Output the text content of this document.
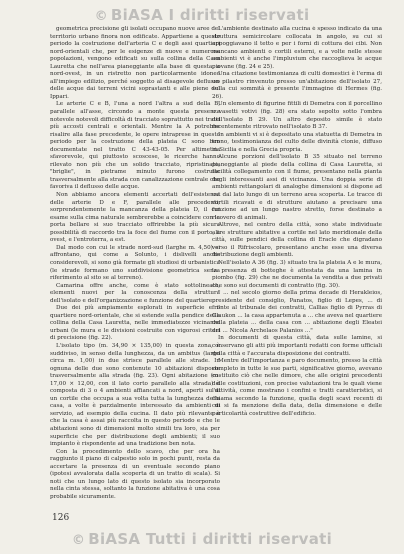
© BiASA I diritti riservati

geometrica precisione gli isolati occupano nuove aree del territorio urbano finora non edificate. Appartiene a questo periodo la costruzione dell'arteria C e degli assi quartieri nord-orientali che, per le esigenze di nuove e numerose popolazioni, vengono edificati su sulla collina della Casa Lauretta che nell'area pianeggiante alla base di questa, a nord-ovest, in un ristretto non particolarmente idoneo all'impiego edilizio, perché soggetto al disagevole deflusso delle acque dai terreni vicini soprastanti e alle piene del Ippari.

Le arterie C e B, l'una a nord l'altra a sud della B, parallele all'asse, circondo a monte questa presenza notevole notevoli difficoltà di tracciato soprattutto nei tratti più accosti centrali e orientali. Mentre la A potrebbe risalire alla fase precedente, le opere intraprese in questo periodo per la costruzione della plateia C sono ben documentate nel tratto C 43-43-05. Per altimetria sfavorevole, qui piuttosto scoscese, le ricerche hanno rilevato non più che un solido tracciato, ripristinato, "briglie", in pietrame minuto furono costruite trasversalmente alla strada con canalizzazione centrale che favoriva il deflusso delle acque.

Non abbiamo ancora elementi accertati dell'esistenza delle arterie D e F, parallele alle precedenti; sorprendentemente la mancanza della plateia D, il cui esame sulla cima naturale sembrerebbe a coincidere con la porta bellare si suo tracciato offrirebbe la più sicura possibilità di raccordo tra la foce del fiume con il porto, a ovest, e l'entroterra, a est.

Dal modo con cui le strade nord-sud (larghe m. 4,50) si affrontano, qui come a Solunto, i dislivelli anche considerevoli, si sono già formate gli studiosi di urbanistica (le strade formano uno suddivisione geometrica senza riferimento al sito se al terreno).

Camarina offre anche, come è stato sottolineato, elementi nuovi per la conoscenza della struttura dell'isolato e dell'organizzazione e funzione del quartiere.

Due dei più ampiamente esplorati in superficie e il quartiere nord-orientale, che si estende sulla pendice della collina della Casa Lauretta, nelle immediatezze vicinanze urbani (le mura e le divisioni costruite con vigorosi criteri di precisione (fig. 22).

L'isolato tipo (m. 34,90 × 135,00) in questa zona, è suddiviso, in senso della lunghezza, da un ambitus (largo circa m. 1,00) in due strisce parallele alle strade. In ognuna delle due sono contenute 10 abitazioni disposte trasversalmente alla strada (fig. 23). Ogni abitazione (m. 17,00 × 12,00, con il lato corto parallelo alla strada) è composta di 3 o 4 ambienti affiancati a nord, aperti su di un cortile che occupa a sua volta tutta la lunghezza della casa, a volte è parzialmente interessato da ambienti di servizio, ad esempio della cucina. Il dato più rilevante è che la casa è assai più raccolta in questo periodo e che le abitazioni sono di dimensioni molto simili tra loro, sia per superficie che per distribuzione degli ambienti; il suo impianto è rispondente ad una tradizione ben nota.

Con la procedimento dello scavo, che per ora ha raggiunto il piano di calpestio solo in pochi punti, resta da accertare la presenza di un eventuale secondo piano (ipotesi avvalorata dalla scoperta di un tratto di scala). Si noti che un lungo lato di questo isolato sia incorporato nella cinta stessa, soltanto la funzione abitativa è una cosa probabile sicuramente.

L'ambiente destinato alla cucina è spesso indicato da una struttura semicircolare collocata in angolo, su cui si appoggiavano il tetto e per i forni di cottura dei cibi. Non mancano ambienti o cortili esterni, e a volte nelle stesse ambienti vi è anche l'impluvium che raccoglieva le acque piovane (fig. 24 e 25).

Una citazione testimonianza di culti domestici è l'erma di un pilastro rinvenuto presso un'abitazione dell'isolato 27, sulla cui sommità è presente l'immagine di Hermes (fig. 26).

Un elemento di figurine fittili di Demetra con il porcellino e vasetti votivi (fig. 28) era stato sepolto sotto l'ombra dell'isolato B 29. Un altro deposito simile è stato recentemente ritrovato nell'isolato B 37.

In ambienti vi si è depositato una statuetta di Demetra in trono, testimonianza del culto delle divinità ctonie, diffuso in Sicilia e nella Grecia propria.

Alcune porzioni dell'isolato B 35 situato nel terreno pianeggiante al piede della collina di Casa Lauretta, si facilità collegamento con il fiume, presentano nella pianta degli interessanti assi di vicinanza. Una doppia serie di ambienti rettangolari di analoghe dimensioni si dispone ad est dal lato lungo di un terreno area scoperta. Le tracce di cortili ricavati e di strutture aiutano a precisare una funzione ad un lungo nastro stretto, forse destinato a ricovero di animali.

Altrove, nel centro della città, sono state individuate altre strutture abitative a cortile nel lato meridionale della città, sulle pendici della collina di Eracle che digradano verso il Rifriscolaro, presentano anche esse una diversa distribuzione degli ambienti.

Nell'isolato A 36 (fig. 3) situato tra la plateia A e le mura, la presenza di botteghe è attestata da una lamina in piombo (fig. 29) che ne documenta la vendita a due privati che sono sui documenti di contratto (fig. 30).

" ... nel secolo giorno della prima decade di Herakleios, presidente del consiglio, Panatos, figlio di Lepes, ... di fronte al tribunale dei contratti, Callias figlio di Pyrras di Glaukon ... la casa appartenuta a ... che aveva nel quartiere della plateia ... della casa con ... abitazione degli Eleatei del ... Nicola Archelaos Palanios ..."

In documenti di questa città, data sulle lamine, si conservano gli atti più importanti redatti con forme ufficiali della città e l'accurata disposizione dei contratti.

Mentre dell'importanza e paro documento, presso la città completo in tutte le sue parti, significative giorno, avevano costituito ciò che nelle dimore, che alle origini precedenti delle costituzioni, con precise valutazioni tra le quali viene l'attività, come mostrano i confini e tratti caratteristici, si chiama secondo la funzione, quella degli scavi recenti di cui si fa menzione della data, della dimensione e delle particolarità costruttive dell'edificio.

126
© BiASA Tutti i diritti riservati
